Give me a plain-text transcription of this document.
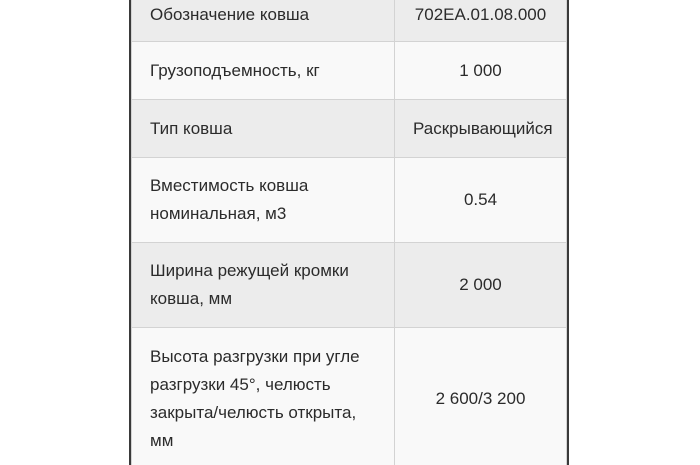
Обозначение ковша	702ЕА.01.08.000
Грузоподъемность, кг	1 000
Тип ковша	Раскрывающийся
Вместимость ковша номинальная, м3	0.54
Ширина режущей кромки ковша, мм	2 000
Высота разгрузки при угле разгрузки 45°, челюсть закрыта/челюсть открыта, мм	2 600/3 200
